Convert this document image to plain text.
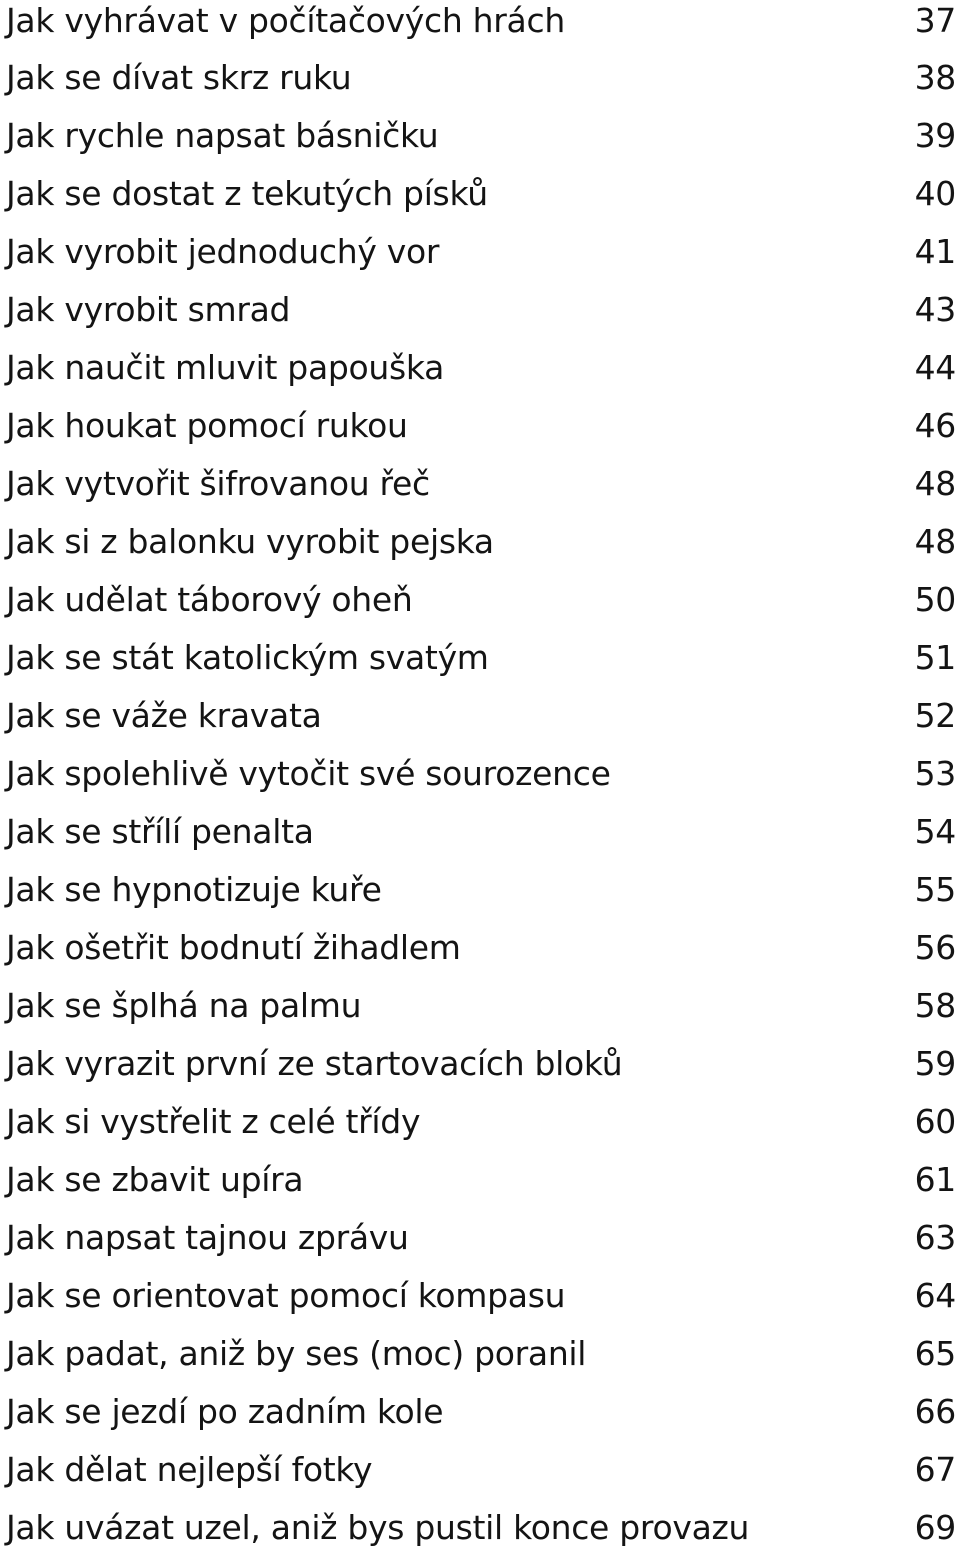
Jak vyhrávat v počítačových hrách	37
Jak se dívat skrz ruku	38
Jak rychle napsat básničku	39
Jak se dostat z tekutých písků	40
Jak vyrobit jednoduchý vor	41
Jak vyrobit smrad	43
Jak naučit mluvit papouška	44
Jak houkat pomocí rukou	46
Jak vytvořit šifrovanou řeč	48
Jak si z balonku vyrobit pejska	48
Jak udělat táborový oheň	50
Jak se stát katolickým svatým	51
Jak se váže kravata	52
Jak spolehlivě vytočit své sourozence	53
Jak se střílí penalta	54
Jak se hypnotizuje kuře	55
Jak ošetřit bodnutí žihadlem	56
Jak se šplhá na palmu	58
Jak vyrazit první ze startovacích bloků	59
Jak si vystřelit z celé třídy	60
Jak se zbavit upíra	61
Jak napsat tajnou zprávu	63
Jak se orientovat pomocí kompasu	64
Jak padat, aniž by ses (moc) poranil	65
Jak se jezdí po zadním kole	66
Jak dělat nejlepší fotky	67
Jak uvázat uzel, aniž bys pustil konce provazu	69
